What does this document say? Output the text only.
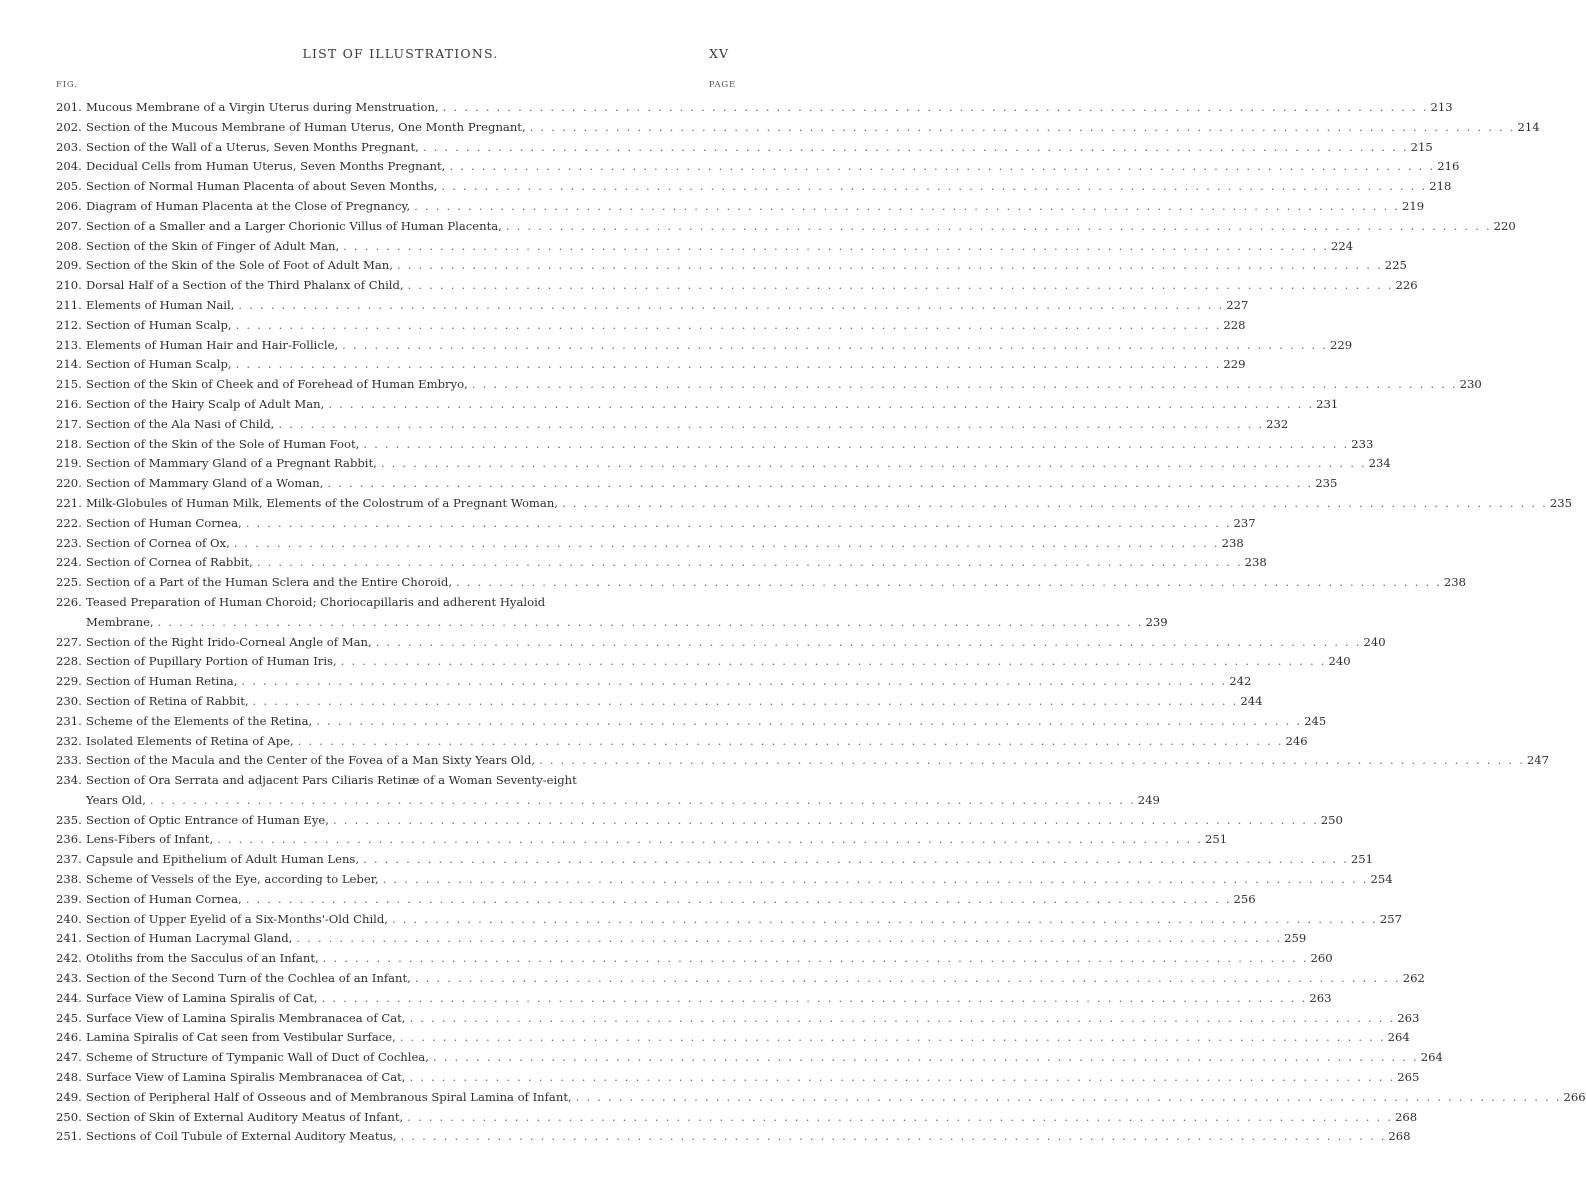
LIST OF ILLUSTRATIONS.	XV
FIG.	PAGE
201. Mucous Membrane of a Virgin Uterus during Menstruation, . . .	213
202. Section of the Mucous Membrane of Human Uterus, One Month Pregnant, . . .	214
203. Section of the Wall of a Uterus, Seven Months Pregnant, . . .	215
204. Decidual Cells from Human Uterus, Seven Months Pregnant, . . .	216
205. Section of Normal Human Placenta of about Seven Months, . . .	218
206. Diagram of Human Placenta at the Close of Pregnancy, . . .	219
207. Section of a Smaller and a Larger Chorionic Villus of Human Placenta, . . .	220
208. Section of the Skin of Finger of Adult Man, . . .	224
209. Section of the Skin of the Sole of Foot of Adult Man, . . .	225
210. Dorsal Half of a Section of the Third Phalanx of Child, . . .	226
211. Elements of Human Nail, . . .	227
212. Section of Human Scalp, . . .	228
213. Elements of Human Hair and Hair-Follicle, . . .	229
214. Section of Human Scalp, . . .	229
215. Section of the Skin of Cheek and of Forehead of Human Embryo, . . .	230
216. Section of the Hairy Scalp of Adult Man, . . .	231
217. Section of the Ala Nasi of Child, . . .	232
218. Section of the Skin of the Sole of Human Foot, . . .	233
219. Section of Mammary Gland of a Pregnant Rabbit, . . .	234
220. Section of Mammary Gland of a Woman, . . .	235
221. Milk-Globules of Human Milk, Elements of the Colostrum of a Pregnant Woman, . . .	235
222. Section of Human Cornea, . . .	237
223. Section of Cornea of Ox, . . .	238
224. Section of Cornea of Rabbit, . . .	238
225. Section of a Part of the Human Sclera and the Entire Choroid, . . .	238
226. Teased Preparation of Human Choroid; Choriocapillaris and adherent Hyaloid
Membrane, . . .	239
227. Section of the Right Irido-Corneal Angle of Man, . . .	240
228. Section of Pupillary Portion of Human Iris, . . .	240
229. Section of Human Retina, . . .	242
230. Section of Retina of Rabbit, . . .	244
231. Scheme of the Elements of the Retina, . . .	245
232. Isolated Elements of Retina of Ape, . . .	246
233. Section of the Macula and the Center of the Fovea of a Man Sixty Years Old, . . .	247
234. Section of Ora Serrata and adjacent Pars Ciliaris Retinæ of a Woman Seventy-eight
Years Old, . . .	249
235. Section of Optic Entrance of Human Eye, . . .	250
236. Lens-Fibers of Infant, . . .	251
237. Capsule and Epithelium of Adult Human Lens, . . .	251
238. Scheme of Vessels of the Eye, according to Leber, . . .	254
239. Section of Human Cornea, . . .	256
240. Section of Upper Eyelid of a Six-Months'-Old Child, . . .	257
241. Section of Human Lacrymal Gland, . . .	259
242. Otoliths from the Sacculus of an Infant, . . .	260
243. Section of the Second Turn of the Cochlea of an Infant, . . .	262
244. Surface View of Lamina Spiralis of Cat, . . .	263
245. Surface View of Lamina Spiralis Membranacea of Cat, . . .	263
246. Lamina Spiralis of Cat seen from Vestibular Surface, . . .	264
247. Scheme of Structure of Tympanic Wall of Duct of Cochlea, . . .	264
248. Surface View of Lamina Spiralis Membranacea of Cat, . . .	265
249. Section of Peripheral Half of Osseous and of Membranous Spiral Lamina of Infant, . . .	266
250. Section of Skin of External Auditory Meatus of Infant, . . .	268
251. Sections of Coil Tubule of External Auditory Meatus, . . .	268
